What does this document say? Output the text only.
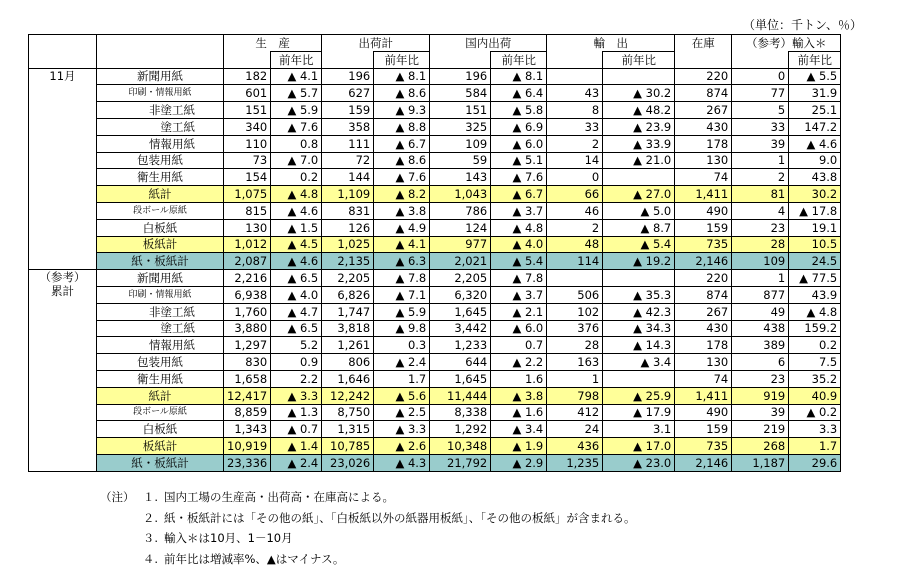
（単位：千トン、％）
		生　産		出荷計		国内出荷		輸　出		在庫	（参考）輸入＊	
			前年比		前年比		前年比		前年比			前年比

11月	新聞用紙	182	▲ 4.1	196	▲ 8.1	196	▲ 8.1			220	0	▲ 5.5
	印刷・情報用紙	601	▲ 5.7	627	▲ 8.6	584	▲ 6.4	43	▲ 30.2	874	77	31.9
	非塗工紙	151	▲ 5.9	159	▲ 9.3	151	▲ 5.8	8	▲ 48.2	267	5	25.1
	塗工紙	340	▲ 7.6	358	▲ 8.8	325	▲ 6.9	33	▲ 23.9	430	33	147.2
	情報用紙	110	0.8	111	▲ 6.7	109	▲ 6.0	2	▲ 33.9	178	39	▲ 4.6
	包装用紙	73	▲ 7.0	72	▲ 8.6	59	▲ 5.1	14	▲ 21.0	130	1	9.0
	衛生用紙	154	0.2	144	▲ 7.6	143	▲ 7.6	0		74	2	43.8
	紙計	1,075	▲ 4.8	1,109	▲ 8.2	1,043	▲ 6.7	66	▲ 27.0	1,411	81	30.2
	段ボール原紙	815	▲ 4.6	831	▲ 3.8	786	▲ 3.7	46	▲ 5.0	490	4	▲ 17.8
	白板紙	130	▲ 1.5	126	▲ 4.9	124	▲ 4.8	2	▲ 8.7	159	23	19.1
	板紙計	1,012	▲ 4.5	1,025	▲ 4.1	977	▲ 4.0	48	▲ 5.4	735	28	10.5
	紙・板紙計	2,087	▲ 4.6	2,135	▲ 6.3	2,021	▲ 5.4	114	▲ 19.2	2,146	109	24.5

（参考）
累計	新聞用紙	2,216	▲ 6.5	2,205	▲ 7.8	2,205	▲ 7.8			220	1	▲ 77.5
	印刷・情報用紙	6,938	▲ 4.0	6,826	▲ 7.1	6,320	▲ 3.7	506	▲ 35.3	874	877	43.9
	非塗工紙	1,760	▲ 4.7	1,747	▲ 5.9	1,645	▲ 2.1	102	▲ 42.3	267	49	▲ 4.8
	塗工紙	3,880	▲ 6.5	3,818	▲ 9.8	3,442	▲ 6.0	376	▲ 34.3	430	438	159.2
	情報用紙	1,297	5.2	1,261	0.3	1,233	0.7	28	▲ 14.3	178	389	0.2
	包装用紙	830	0.9	806	▲ 2.4	644	▲ 2.2	163	▲ 3.4	130	6	7.5
	衛生用紙	1,658	2.2	1,646	1.7	1,645	1.6	1		74	23	35.2
	紙計	12,417	▲ 3.3	12,242	▲ 5.6	11,444	▲ 3.8	798	▲ 25.9	1,411	919	40.9
	段ボール原紙	8,859	▲ 1.3	8,750	▲ 2.5	8,338	▲ 1.6	412	▲ 17.9	490	39	▲ 0.2
	白板紙	1,343	▲ 0.7	1,315	▲ 3.3	1,292	▲ 3.4	24	3.1	159	219	3.3
	板紙計	10,919	▲ 1.4	10,785	▲ 2.6	10,348	▲ 1.9	436	▲ 17.0	735	268	1.7
	紙・板紙計	23,336	▲ 2.4	23,026	▲ 4.3	21,792	▲ 2.9	1,235	▲ 23.0	2,146	1,187	29.6
（注） １. 国内工場の生産高・出荷高・在庫高による。
２. 紙・板紙計には「その他の紙」、「白板紙以外の紙器用板紙」、「その他の板紙」が含まれる。
３. 輸入＊は10月、1－10月
４. 前年比は増減率%、▲はマイナス。
